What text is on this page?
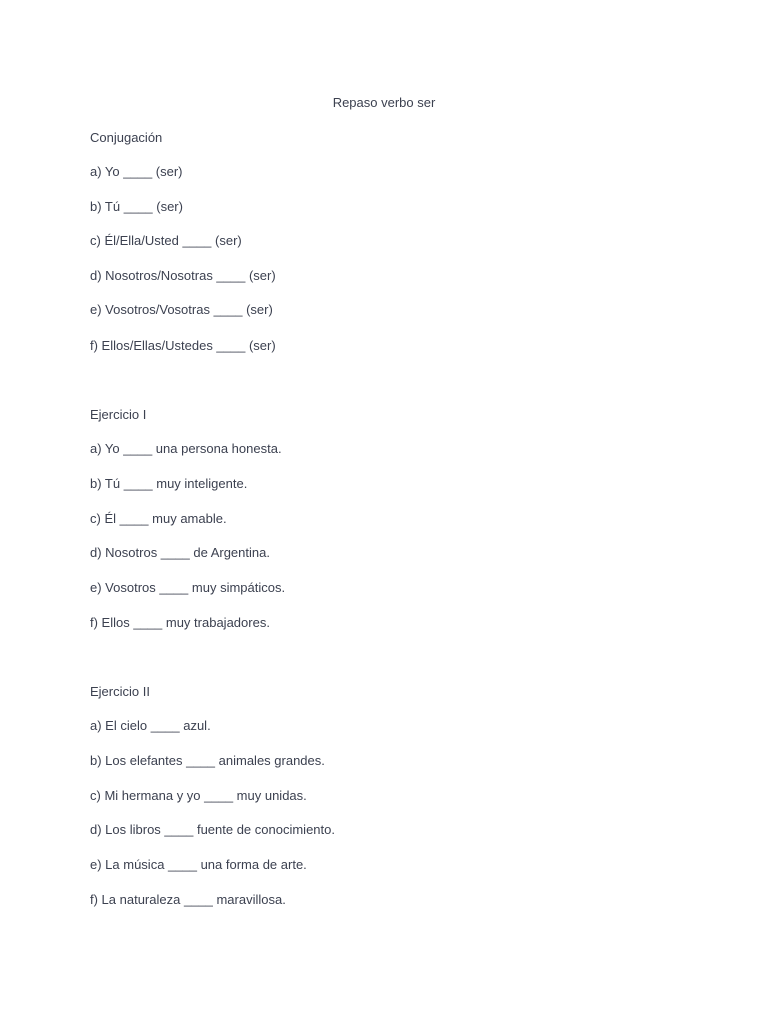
Repaso verbo ser
Conjugación
a) Yo ____ (ser)
b) Tú ____ (ser)
c) Él/Ella/Usted ____ (ser)
d) Nosotros/Nosotras ____ (ser)
e) Vosotros/Vosotras ____ (ser)
f) Ellos/Ellas/Ustedes ____ (ser)
Ejercicio I
a) Yo ____ una persona honesta.
b) Tú ____ muy inteligente.
c) Él ____ muy amable.
d) Nosotros ____ de Argentina.
e) Vosotros ____ muy simpáticos.
f) Ellos ____ muy trabajadores.
Ejercicio II
a) El cielo ____ azul.
b) Los elefantes ____ animales grandes.
c) Mi hermana y yo ____ muy unidas.
d) Los libros ____ fuente de conocimiento.
e) La música ____ una forma de arte.
f) La naturaleza ____ maravillosa.
